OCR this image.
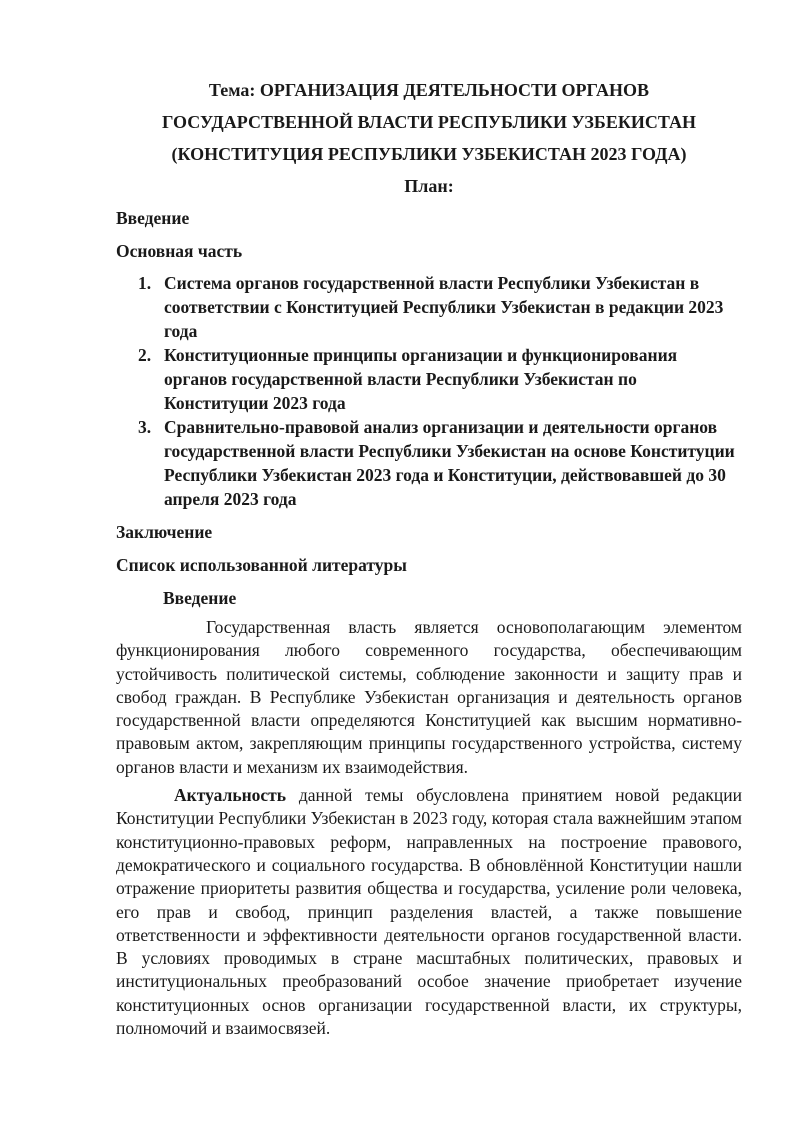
Тема: ОРГАНИЗАЦИЯ ДЕЯТЕЛЬНОСТИ ОРГАНОВ
ГОСУДАРСТВЕННОЙ ВЛАСТИ РЕСПУБЛИКИ УЗБЕКИСТАН
(КОНСТИТУЦИЯ РЕСПУБЛИКИ УЗБЕКИСТАН 2023 ГОДА)
План:
Введение
Основная часть
1. Система органов государственной власти Республики Узбекистан в соответствии с Конституцией Республики Узбекистан в редакции 2023 года
2. Конституционные принципы организации и функционирования органов государственной власти Республики Узбекистан по Конституции 2023 года
3. Сравнительно-правовой анализ организации и деятельности органов государственной власти Республики Узбекистан на основе Конституции Республики Узбекистан 2023 года и Конституции, действовавшей до 30 апреля 2023 года
Заключение
Список использованной литературы
Введение

Государственная власть является основополагающим элементом функционирования любого современного государства, обеспечивающим устойчивость политической системы, соблюдение законности и защиту прав и свобод граждан. В Республике Узбекистан организация и деятельность органов государственной власти определяются Конституцией как высшим нормативно-правовым актом, закрепляющим принципы государственного устройства, систему органов власти и механизм их взаимодействия.

Актуальность данной темы обусловлена принятием новой редакции Конституции Республики Узбекистан в 2023 году, которая стала важнейшим этапом конституционно-правовых реформ, направленных на построение правового, демократического и социального государства. В обновлённой Конституции нашли отражение приоритеты развития общества и государства, усиление роли человека, его прав и свобод, принцип разделения властей, а также повышение ответственности и эффективности деятельности органов государственной власти. В условиях проводимых в стране масштабных политических, правовых и институциональных преобразований особое значение приобретает изучение конституционных основ организации государственной власти, их структуры, полномочий и взаимосвязей.
